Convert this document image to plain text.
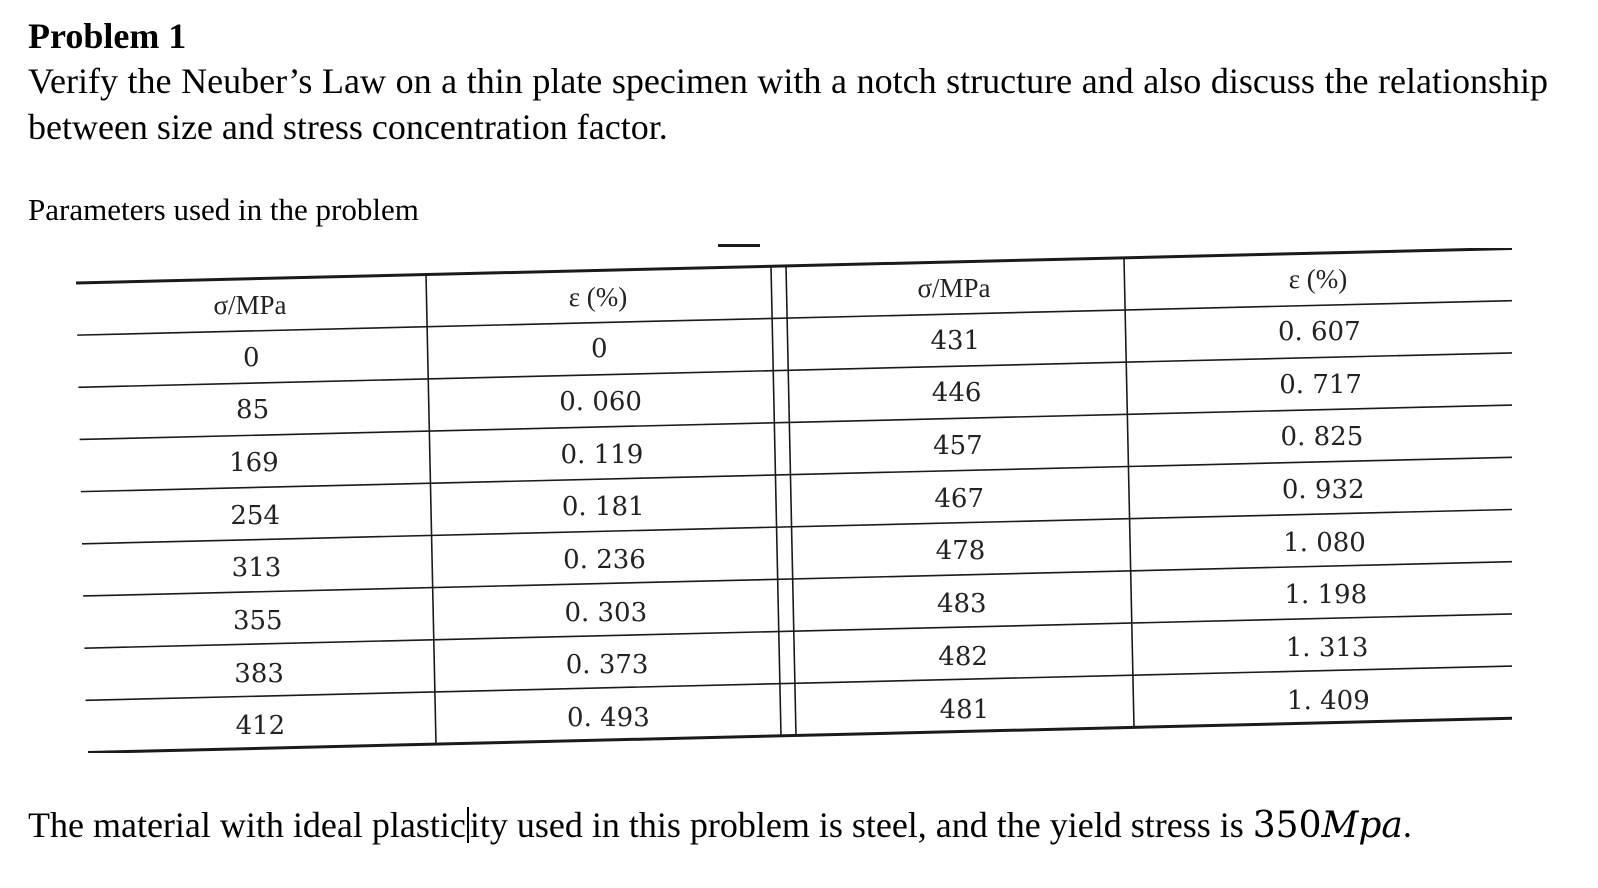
Problem 1
Verify the Neuber’s Law on a thin plate specimen with a notch structure and also discuss the relationship between size and stress concentration factor.
Parameters used in the problem
σ/MPa	ε (%)	σ/MPa	ε (%)
0	0	431	0. 607
85	0. 060	446	0. 717
169	0. 119	457	0. 825
254	0. 181	467	0. 932
313	0. 236	478	1. 080
355	0. 303	483	1. 198
383	0. 373	482	1. 313
412	0. 493	481	1. 409
The material with ideal plastic ity used in this problem is steel, and the yield stress is 350Mpa.
